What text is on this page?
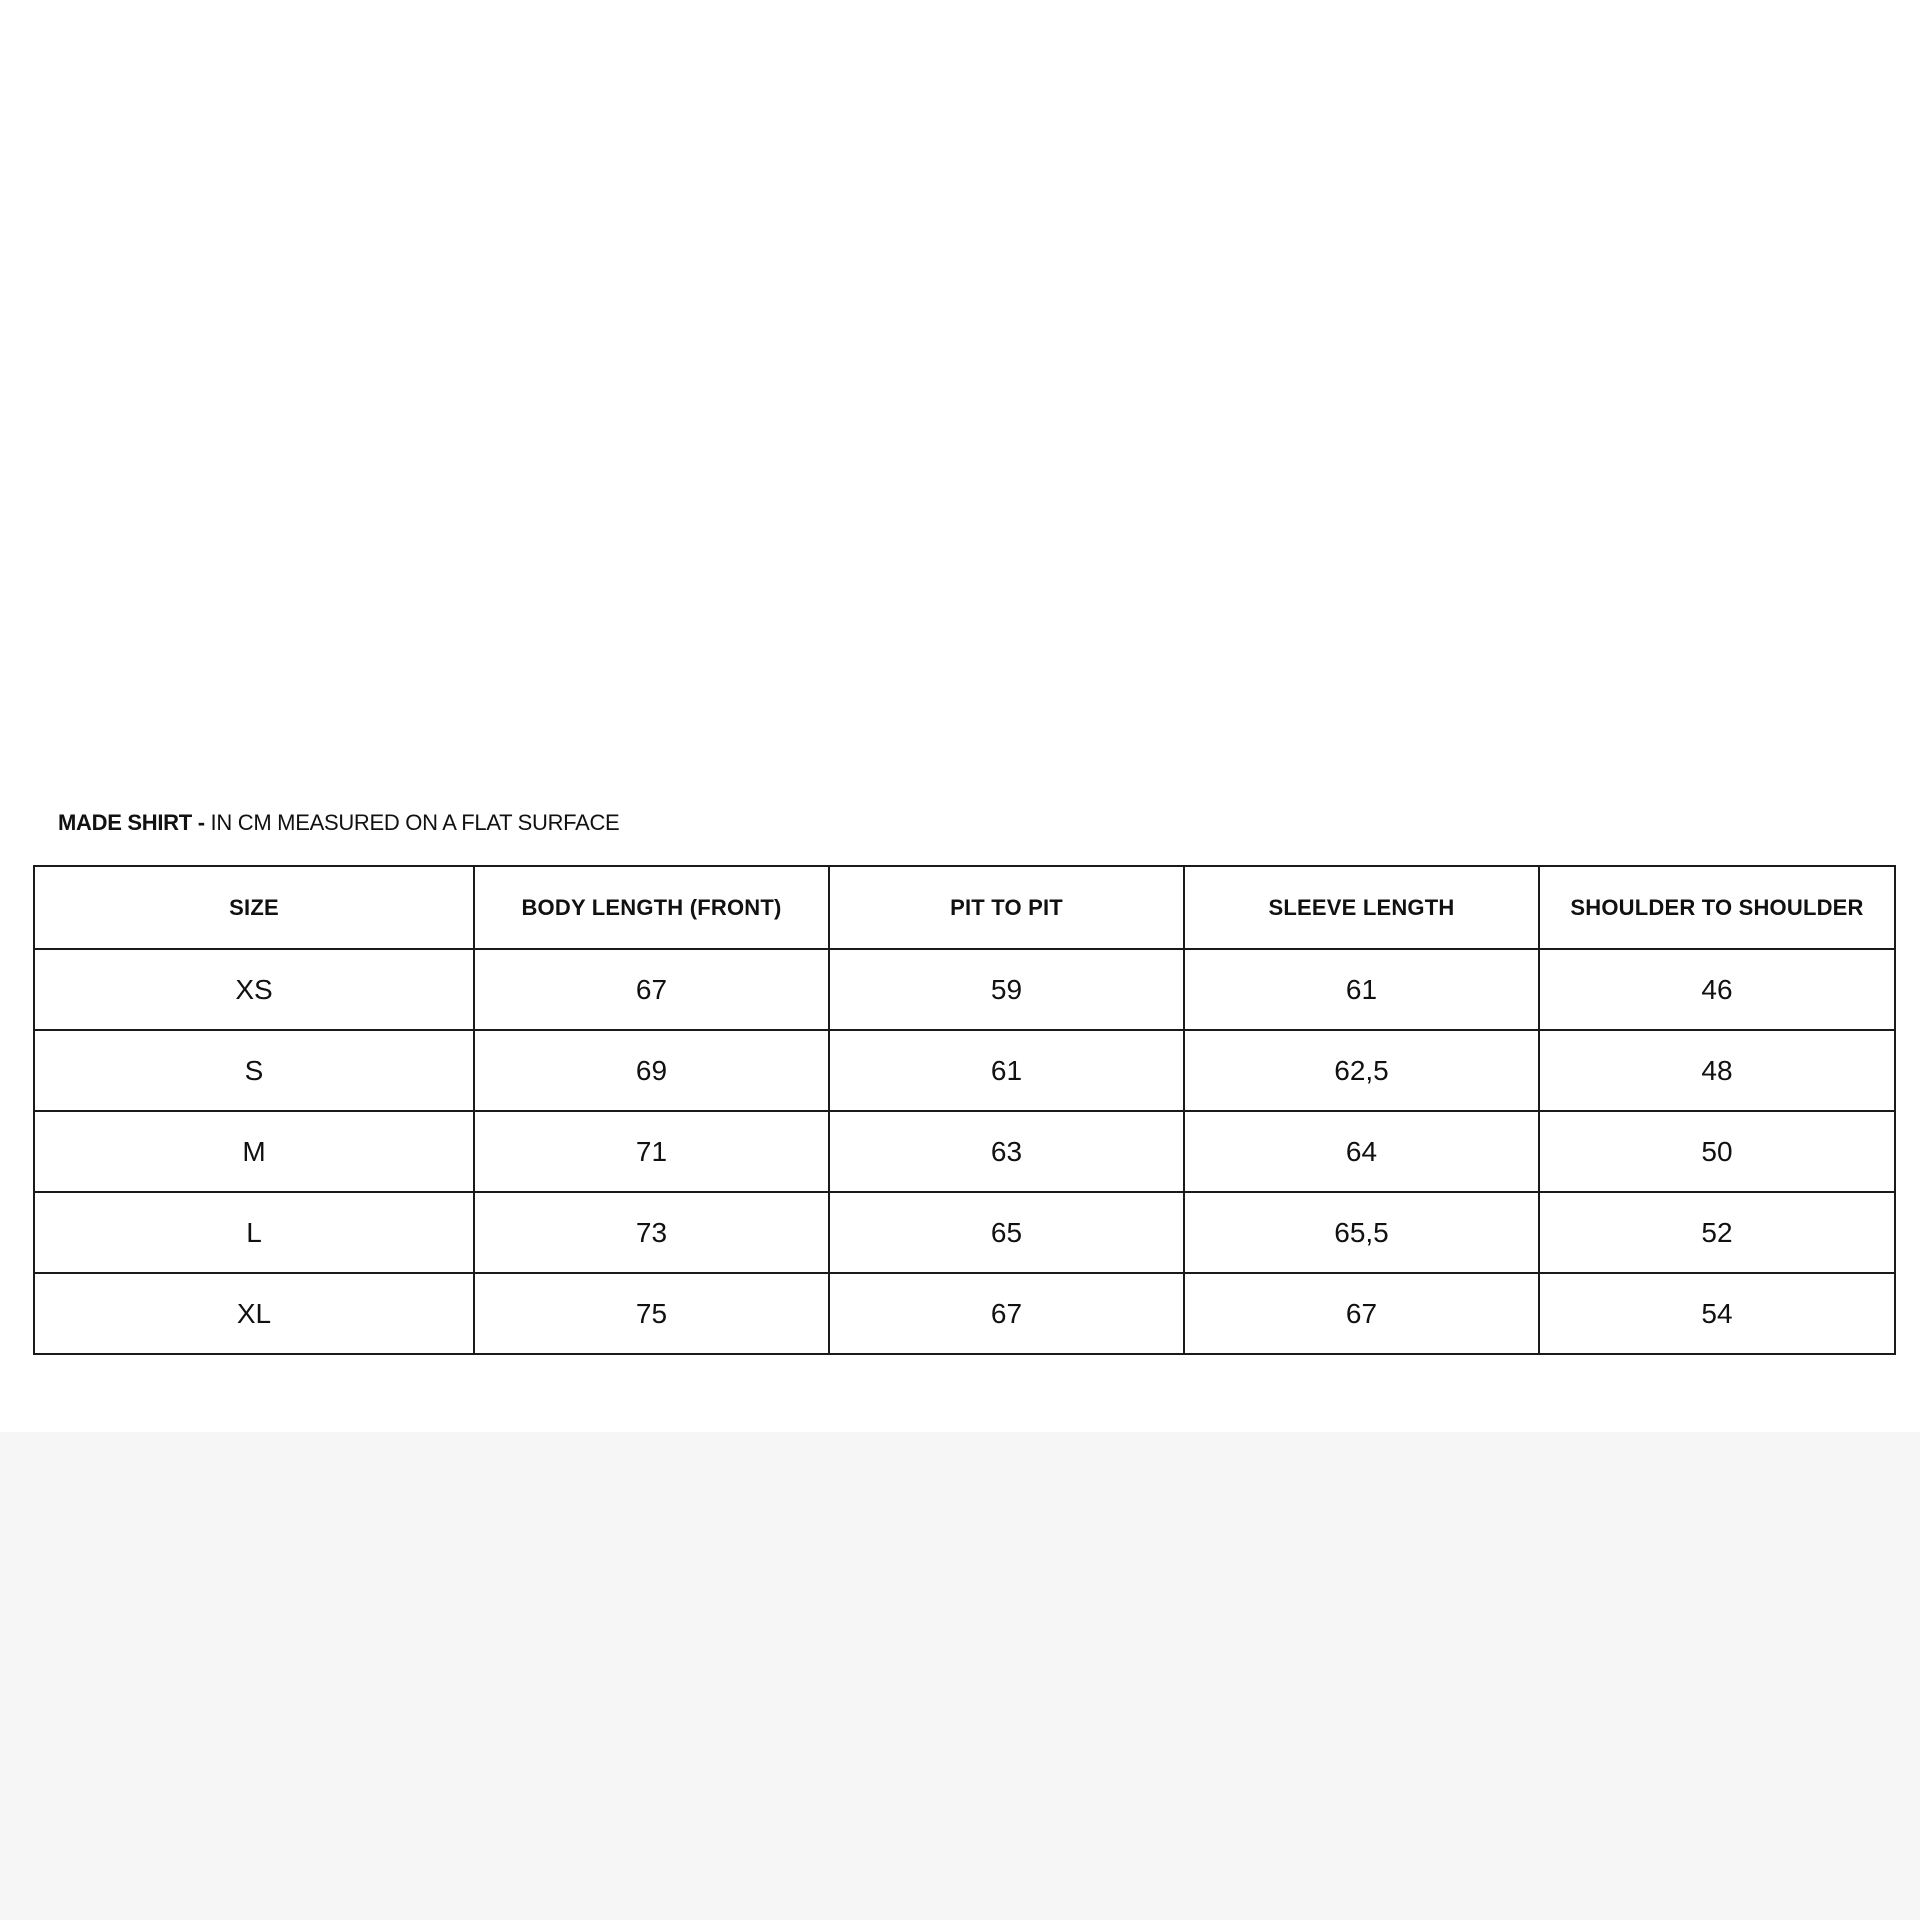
MADE SHIRT - IN CM MEASURED ON A FLAT SURFACE
SIZE	BODY LENGTH (FRONT)	PIT TO PIT	SLEEVE LENGTH	SHOULDER TO SHOULDER
XS	67	59	61	46
S	69	61	62,5	48
M	71	63	64	50
L	73	65	65,5	52
XL	75	67	67	54
